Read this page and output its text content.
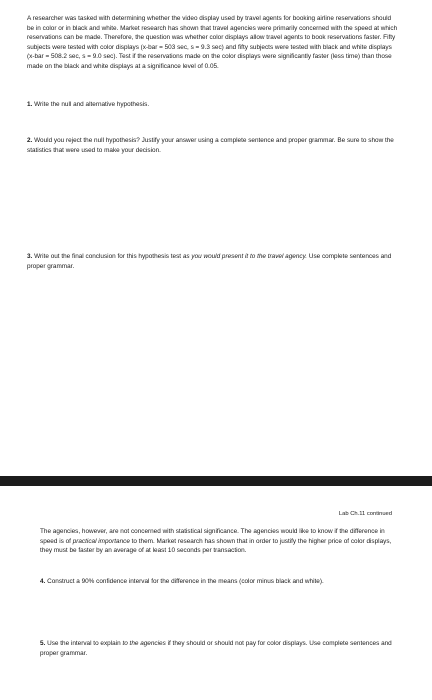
A researcher was tasked with determining whether the video display used by travel agents for booking airline reservations should be in color or in black and white. Market research has shown that travel agencies were primarily concerned with the speed at which reservations can be made. Therefore, the question was whether color displays allow travel agents to book reservations faster. Fifty subjects were tested with color displays (x-bar = 503 sec, s = 9.3 sec) and fifty subjects were tested with black and white displays (x-bar = 508.2 sec, s = 9.0 sec). Test if the reservations made on the color displays were significantly faster (less time) than those made on the black and white displays at a significance level of 0.05.

1. Write the null and alternative hypothesis.

2. Would you reject the null hypothesis? Justify your answer using a complete sentence and proper grammar. Be sure to show the statistics that were used to make your decision.

3. Write out the final conclusion for this hypothesis test as you would present it to the travel agency. Use complete sentences and proper grammar.

Lab Ch.11 continued

The agencies, however, are not concerned with statistical significance. The agencies would like to know if the difference in speed is of practical importance to them. Market research has shown that in order to justify the higher price of color displays, they must be faster by an average of at least 10 seconds per transaction.

4. Construct a 90% confidence interval for the difference in the means (color minus black and white).

5. Use the interval to explain to the agencies if they should or should not pay for color displays. Use complete sentences and proper grammar.
